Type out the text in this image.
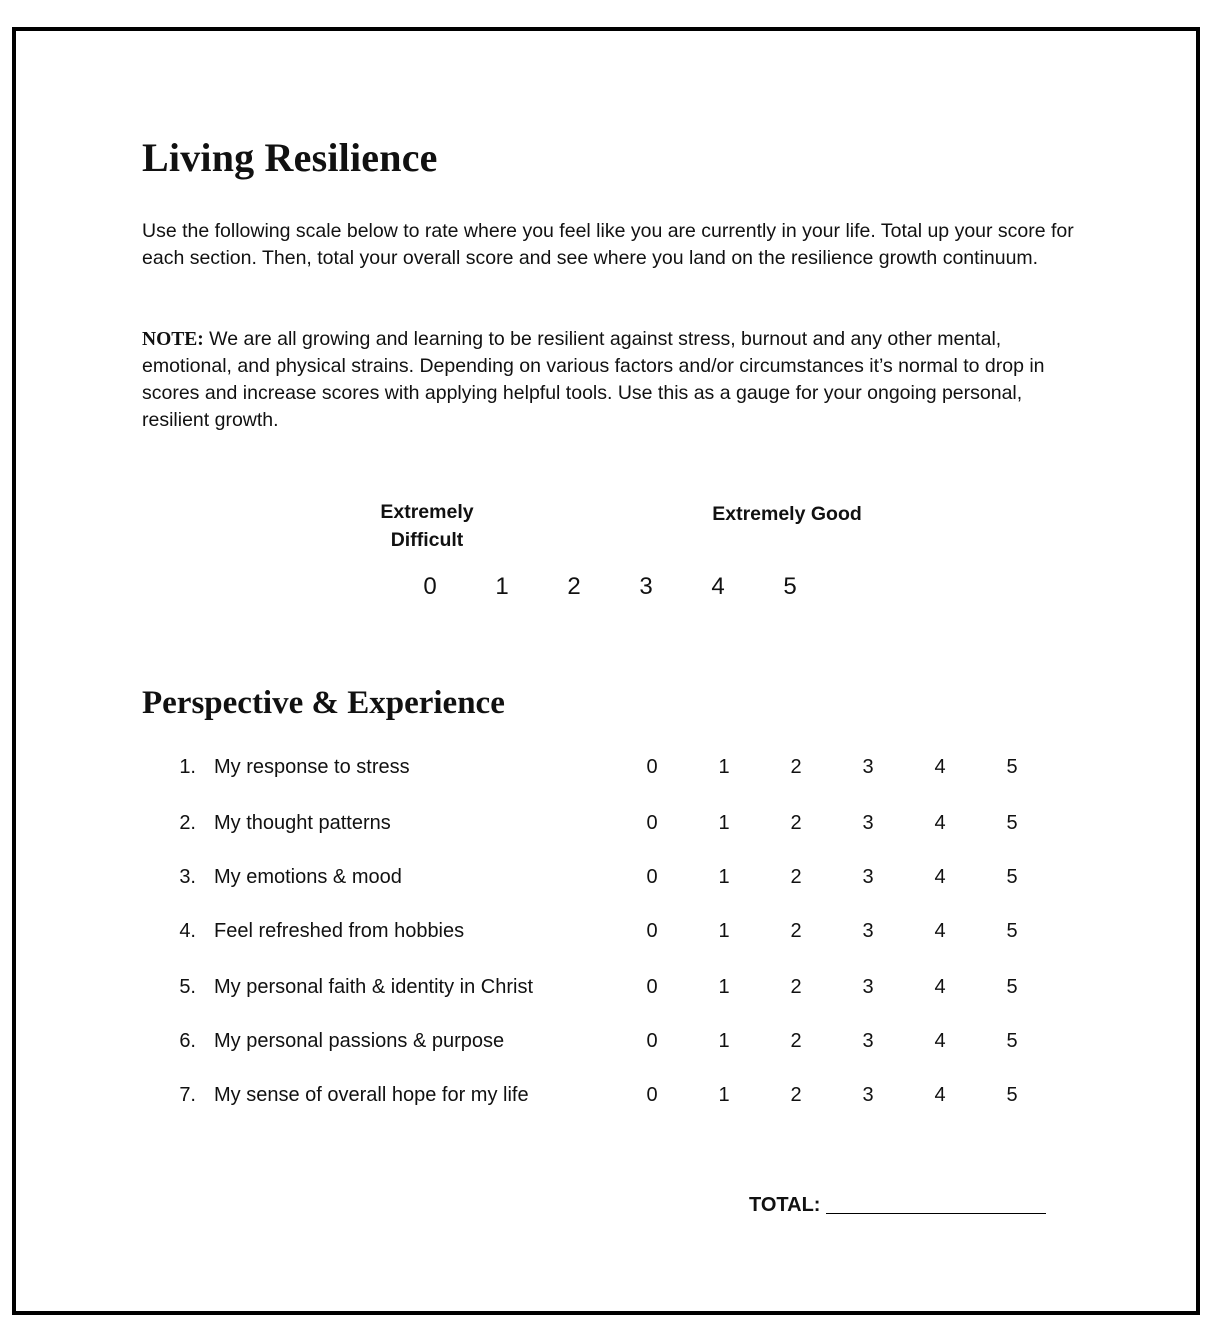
Living Resilience

Use the following scale below to rate where you feel like you are currently in your life. Total up your score for each section. Then, total your overall score and see where you land on the resilience growth continuum.

NOTE: We are all growing and learning to be resilient against stress, burnout and any other mental, emotional, and physical strains. Depending on various factors and/or circumstances it’s normal to drop in scores and increase scores with applying helpful tools. Use this as a gauge for your ongoing personal, resilient growth.

Extremely Difficult
Extremely Good
0	1	2	3	4	5
Perspective & Experience
1. My response to stress	0	1	2	3	4	5
2. My thought patterns	0	1	2	3	4	5
3. My emotions & mood	0	1	2	3	4	5
4. Feel refreshed from hobbies	0	1	2	3	4	5
5. My personal faith & identity in Christ	0	1	2	3	4	5
6. My personal passions & purpose	0	1	2	3	4	5
7. My sense of overall hope for my life	0	1	2	3	4	5
TOTAL:
